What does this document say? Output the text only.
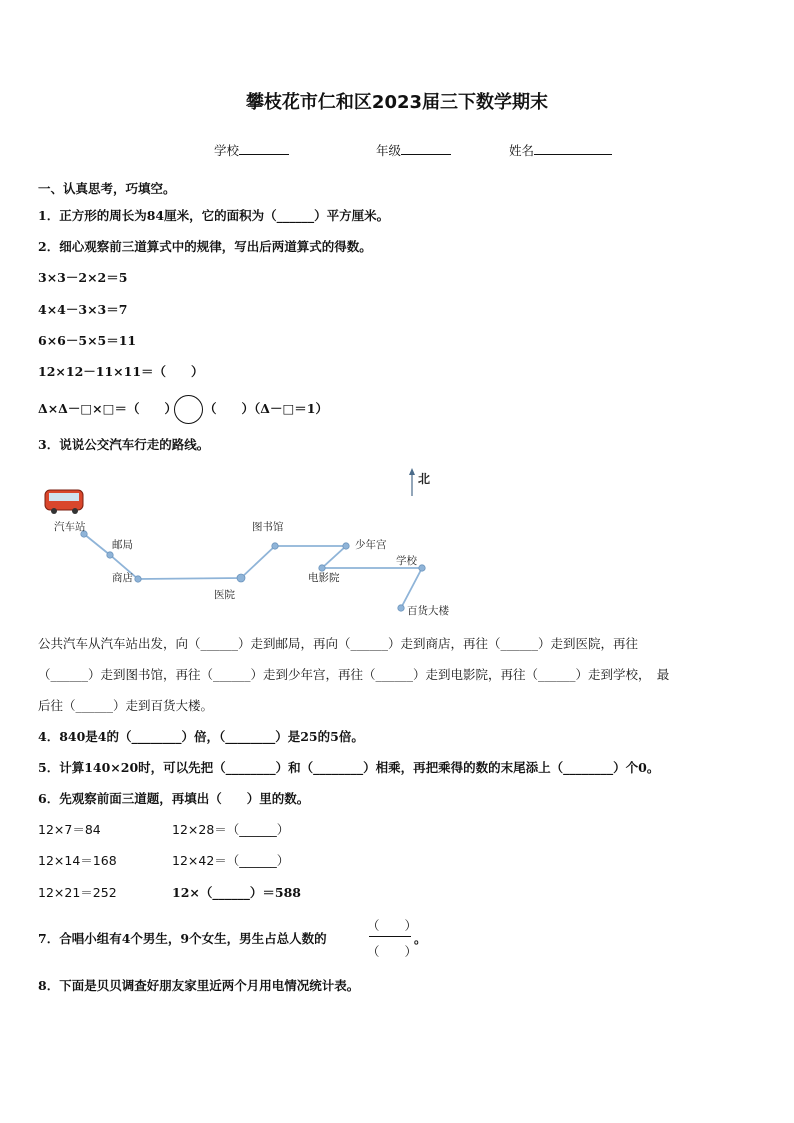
攀枝花市仁和区2023届三下数学期末
学校	年级	姓名
一、认真思考，巧填空。
1．正方形的周长为84厘米，它的面积为（______）平方厘米。
2．细心观察前三道算式中的规律，写出后两道算式的得数。
3×3－2×2＝5
4×4－3×3＝7
6×6－5×5＝11
12×12－11×11＝（　　）
Δ×Δ－□×□＝（　　） （　　）（Δ－□＝1）
3．说说公交汽车行走的路线。
北
汽车站
邮局
商店
医院
图书馆
少年宫
电影院
学校
百货大楼
公共汽车从汽车站出发，向（______）走到邮局，再向（______）走到商店，再往（______）走到医院，再往
（______）走到图书馆，再往（______）走到少年宫，再往（______）走到电影院，再往（______）走到学校，　最
后往（______）走到百货大楼。
4．840是4的（________）倍，（________）是25的5倍。
5．计算140×20时，可以先把（________）和（________）相乘，再把乘得的数的末尾添上（________）个0。
6．先观察前面三道题，再填出（　　）里的数。
12×7＝84
12×14＝168
12×21＝252
12×28＝（______）
12×42＝（______）
12×（______）＝588
7．合唱小组有4个男生，9个女生，男生占总人数的
（　　）
（　　）
。
8．下面是贝贝调查好朋友家里近两个月用电情况统计表。
